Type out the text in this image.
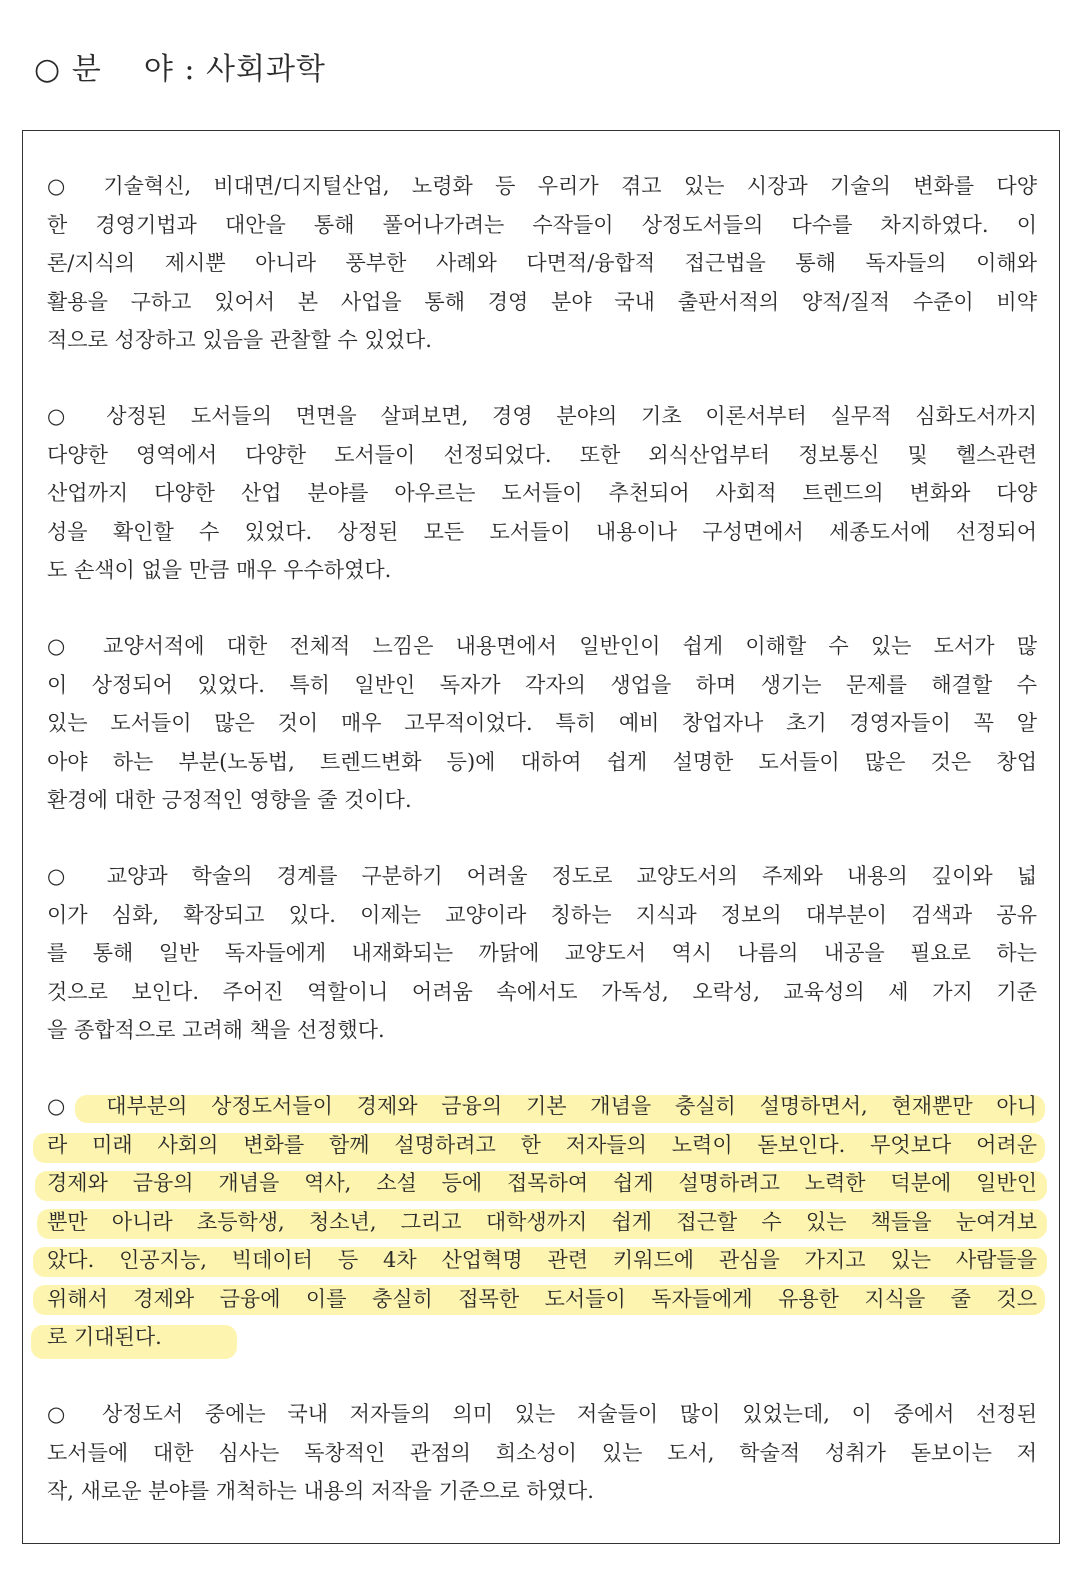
○ 분    야 : 사회과학
○ 기술혁신, 비대면/디지털산업, 노령화 등 우리가 겪고 있는 시장과 기술의 변화를 다양
한 경영기법과 대안을 통해 풀어나가려는 수작들이 상정도서들의 다수를 차지하였다. 이
론/지식의 제시뿐 아니라 풍부한 사례와 다면적/융합적 접근법을 통해 독자들의 이해와
활용을 구하고 있어서 본 사업을 통해 경영 분야 국내 출판서적의 양적/질적 수준이 비약
적으로 성장하고 있음을 관찰할 수 있었다.
○ 상정된 도서들의 면면을 살펴보면, 경영 분야의 기초 이론서부터 실무적 심화도서까지
다양한 영역에서 다양한 도서들이 선정되었다. 또한 외식산업부터 정보통신 및 헬스관련
산업까지 다양한 산업 분야를 아우르는 도서들이 추천되어 사회적 트렌드의 변화와 다양
성을 확인할 수 있었다. 상정된 모든 도서들이 내용이나 구성면에서 세종도서에 선정되어
도 손색이 없을 만큼 매우 우수하였다.
○ 교양서적에 대한 전체적 느낌은 내용면에서 일반인이 쉽게 이해할 수 있는 도서가 많
이 상정되어 있었다. 특히 일반인 독자가 각자의 생업을 하며 생기는 문제를 해결할 수
있는 도서들이 많은 것이 매우 고무적이었다. 특히 예비 창업자나 초기 경영자들이 꼭 알
아야 하는 부분(노동법, 트렌드변화 등)에 대하여 쉽게 설명한 도서들이 많은 것은 창업
환경에 대한 긍정적인 영향을 줄 것이다.
○ 교양과 학술의 경계를 구분하기 어려울 정도로 교양도서의 주제와 내용의 깊이와 넓
이가 심화, 확장되고 있다. 이제는 교양이라 칭하는 지식과 정보의 대부분이 검색과 공유
를 통해 일반 독자들에게 내재화되는 까닭에 교양도서 역시 나름의 내공을 필요로 하는
것으로 보인다. 주어진 역할이니 어려움 속에서도 가독성, 오락성, 교육성의 세 가지 기준
을 종합적으로 고려해 책을 선정했다.
○ 대부분의 상정도서들이 경제와 금융의 기본 개념을 충실히 설명하면서, 현재뿐만 아니
라 미래 사회의 변화를 함께 설명하려고 한 저자들의 노력이 돋보인다. 무엇보다 어려운
경제와 금융의 개념을 역사, 소설 등에 접목하여 쉽게 설명하려고 노력한 덕분에 일반인
뿐만 아니라 초등학생, 청소년, 그리고 대학생까지 쉽게 접근할 수 있는 책들을 눈여겨보
았다. 인공지능, 빅데이터 등 4차 산업혁명 관련 키워드에 관심을 가지고 있는 사람들을
위해서 경제와 금융에 이를 충실히 접목한 도서들이 독자들에게 유용한 지식을 줄 것으
로 기대된다.
○ 상정도서 중에는 국내 저자들의 의미 있는 저술들이 많이 있었는데, 이 중에서 선정된
도서들에 대한 심사는 독창적인 관점의 희소성이 있는 도서, 학술적 성취가 돋보이는 저
작, 새로운 분야를 개척하는 내용의 저작을 기준으로 하였다.
